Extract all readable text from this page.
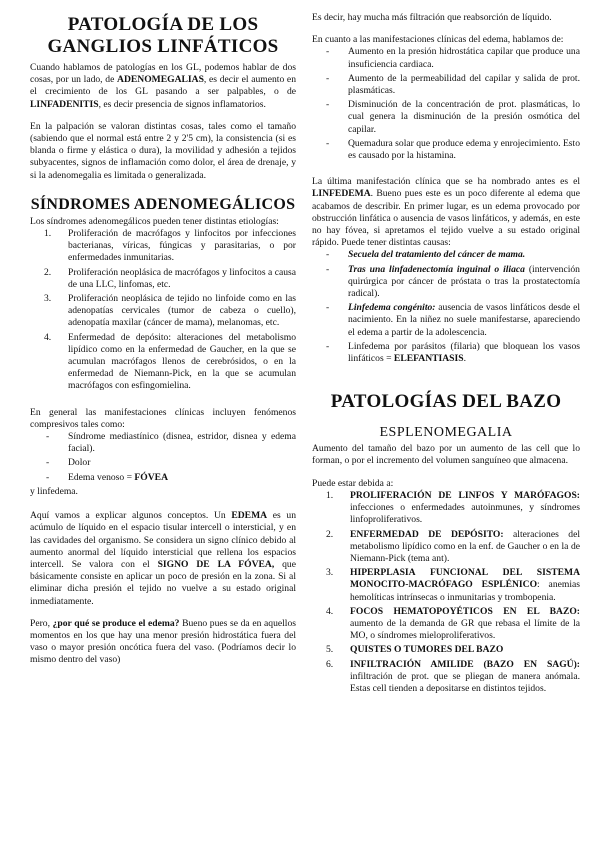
PATOLOGÍA DE LOS GANGLIOS LINFÁTICOS

Cuando hablamos de patologías en los GL, podemos hablar de dos cosas, por un lado, de ADENOMEGALIAS, es decir el aumento en el crecimiento de los GL pasando a ser palpables, o de LINFADENITIS, es decir presencia de signos inflamatorios.

En la palpación se valoran distintas cosas, tales como el tamaño (sabiendo que el normal está entre 2 y 2'5 cm), la consistencia (si es blanda o firme y elástica o dura), la movilidad y adhesión a tejidos subyacentes, signos de inflamación como dolor, el área de drenaje, y si la adenomegalia es limitada o generalizada.

SÍNDROMES ADENOMEGÁLICOS

Los síndromes adenomegálicos pueden tener distintas etiologías:

1. Proliferación de macrófagos y linfocitos por infecciones bacterianas, víricas, fúngicas y parasitarias, o por enfermedades inmunitarias.
2. Proliferación neoplásica de macrófagos y linfocitos a causa de una LLC, linfomas, etc.
3. Proliferación neoplásica de tejido no linfoide como en las adenopatías cervicales (tumor de cabeza o cuello), adenopatía maxilar (cáncer de mama), melanomas, etc.
4. Enfermedad de depósito: alteraciones del metabolismo lipídico como en la enfermedad de Gaucher, en la que se acumulan macrófagos llenos de cerebrósidos, o en la enfermedad de Niemann-Pick, en la que se acumulan macrófagos con esfingomielina.

En general las manifestaciones clínicas incluyen fenómenos compresivos tales como:

- Síndrome mediastínico (disnea, estridor, disnea y edema facial).
- Dolor
- Edema venoso = FÓVEA

y linfedema.

Aquí vamos a explicar algunos conceptos. Un EDEMA es un acúmulo de líquido en el espacio tisular intercell o intersticial, y en las cavidades del organismo. Se considera un signo clínico debido al aumento anormal del líquido intersticial que rellena los espacios intercell. Se valora con el SIGNO DE LA FÓVEA, que básicamente consiste en aplicar un poco de presión en la zona. Si al eliminar dicha presión el tejido no vuelve a su estado original inmediatamente.

Pero, ¿por qué se produce el edema? Bueno pues se da en aquellos momentos en los que hay una menor presión hidrostática fuera del vaso o mayor presión oncótica fuera del vaso. (Podríamos decir lo mismo dentro del vaso)

Es decir, hay mucha más filtración que reabsorción de líquido.

En cuanto a las manifestaciones clínicas del edema, hablamos de:

- Aumento en la presión hidrostática capilar que produce una insuficiencia cardiaca.
- Aumento de la permeabilidad del capilar y salida de prot. plasmáticas.
- Disminución de la concentración de prot. plasmáticas, lo cual genera la disminución de la presión osmótica del capilar.
- Quemadura solar que produce edema y enrojecimiento. Esto es causado por la histamina.

La última manifestación clínica que se ha nombrado antes es el LINFEDEMA. Bueno pues este es un poco diferente al edema que acabamos de describir. En primer lugar, es un edema provocado por obstrucción linfática o ausencia de vasos linfáticos, y además, en este no hay fóvea, si apretamos el tejido vuelve a su estado original rápido. Puede tener distintas causas:

- Secuela del tratamiento del cáncer de mama.
- Tras una linfadenectomía inguinal o iliaca (intervención quirúrgica por cáncer de próstata o tras la prostatectomía radical).
- Linfedema congénito: ausencia de vasos linfáticos desde el nacimiento. En la niñez no suele manifestarse, apareciendo el edema a partir de la adolescencia.
- Linfedema por parásitos (filaria) que bloquean los vasos linfáticos = ELEFANTIASIS.
PATOLOGÍAS DEL BAZO
ESPLENOMEGALIA

Aumento del tamaño del bazo por un aumento de las cell que lo forman, o por el incremento del volumen sanguíneo que almacena.

Puede estar debida a:

1. PROLIFERACIÓN DE LINFOS Y MARÓFAGOS: infecciones o enfermedades autoinmunes, y síndromes linfoproliferativos.
2. ENFERMEDAD DE DEPÓSITO: alteraciones del metabolismo lipídico como en la enf. de Gaucher o en la de Niemann-Pick (tema ant).
3. HIPERPLASIA FUNCIONAL DEL SISTEMA MONOCITO-MACRÓFAGO ESPLÉNICO: anemias hemolíticas intrínsecas o inmunitarias y trombopenia.
4. FOCOS HEMATOPOYÉTICOS EN EL BAZO: aumento de la demanda de GR que rebasa el límite de la MO, o síndromes mieloproliferativos.
5. QUISTES O TUMORES DEL BAZO
6. INFILTRACIÓN AMILIDE (BAZO EN SAGÚ): infiltración de prot. que se pliegan de manera anómala. Estas cell tienden a depositarse en distintos tejidos.
